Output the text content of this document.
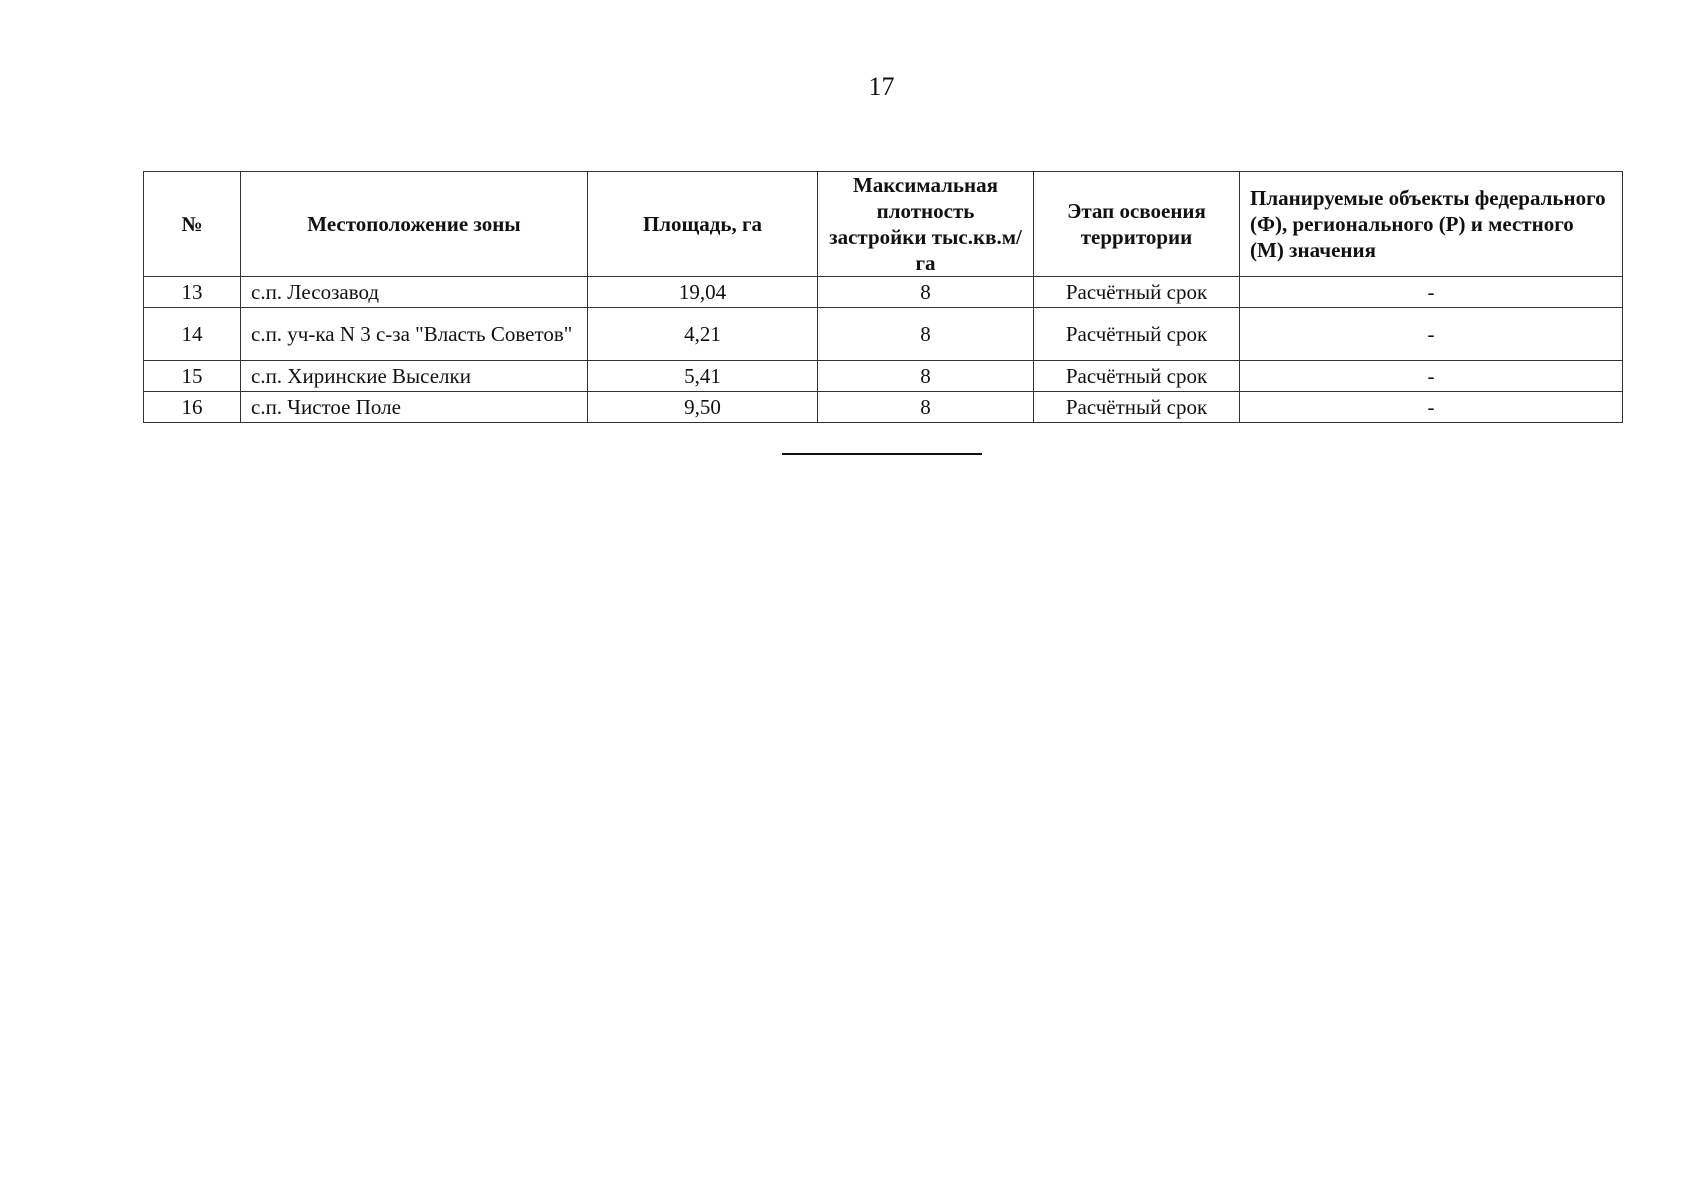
17
№	Местоположение зоны	Площадь, га	Максимальная плотность застройки тыс.кв.м/га	Этап освоения территории	Планируемые объекты федерального (Ф), регионального (Р) и местного (М) значения
13	с.п. Лесозавод	19,04	8	Расчётный срок	-
14	с.п. уч-ка N 3 с-за "Власть Советов"	4,21	8	Расчётный срок	-
15	с.п. Хиринские Выселки	5,41	8	Расчётный срок	-
16	с.п. Чистое Поле	9,50	8	Расчётный срок	-
